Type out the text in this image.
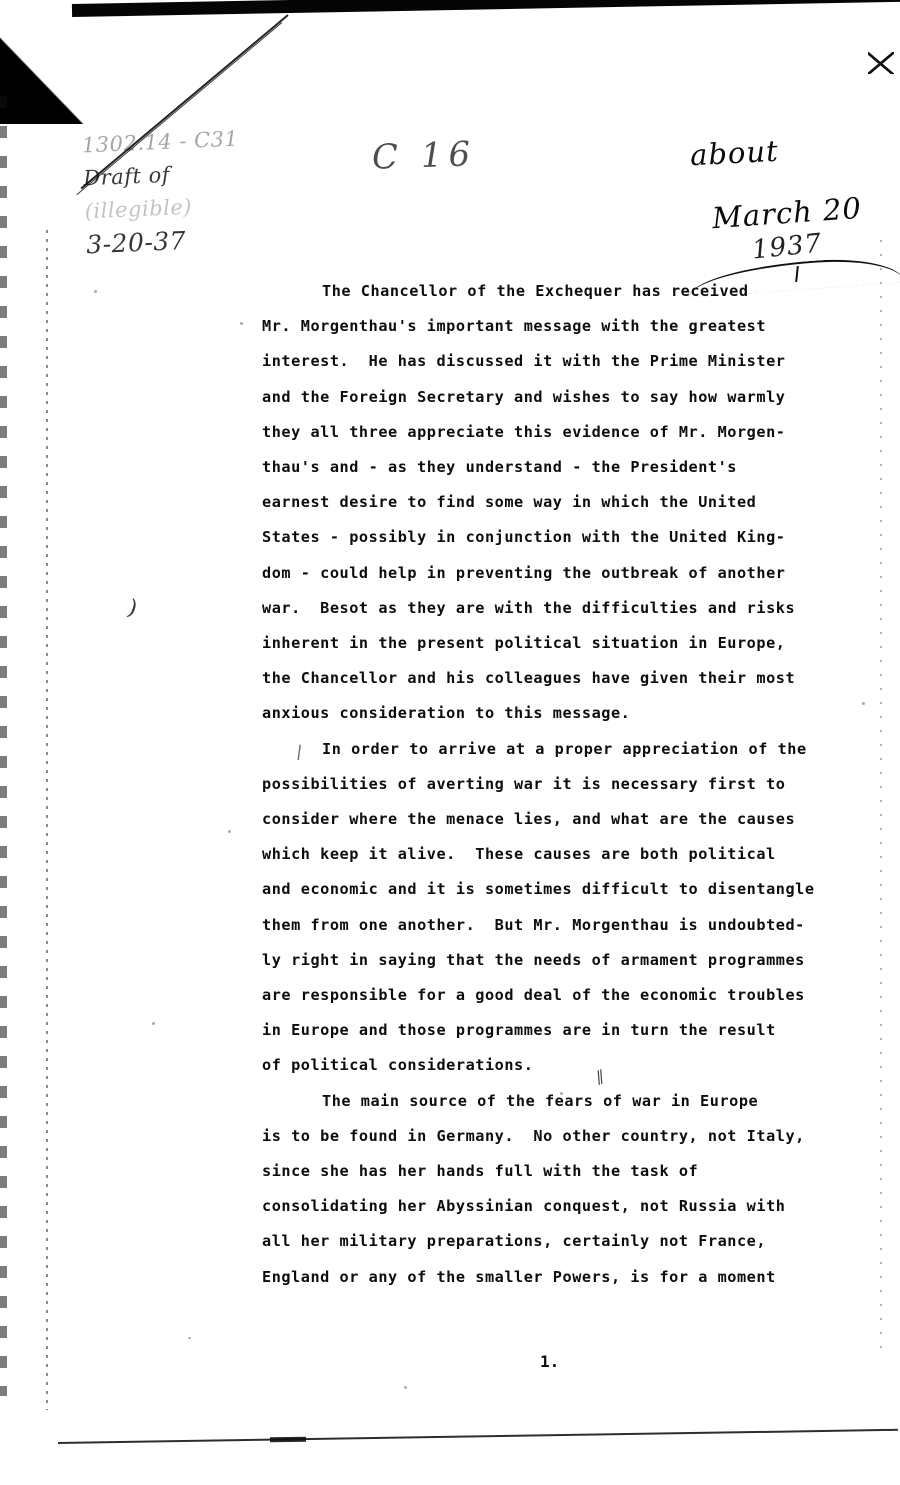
1302.14 - C31
Draft of
(illegible)
3-20-37
C 16	about
March 20
1937
)
\
//
.
The Chancellor of the Exchequer has received
Mr. Morgenthau's important message with the greatest
interest.  He has discussed it with the Prime Minister
and the Foreign Secretary and wishes to say how warmly
they all three appreciate this evidence of Mr. Morgen-
thau's and - as they understand - the President's
earnest desire to find some way in which the United
States - possibly in conjunction with the United King-
dom - could help in preventing the outbreak of another
war.  Besot as they are with the difficulties and risks
inherent in the present political situation in Europe,
the Chancellor and his colleagues have given their most
anxious consideration to this message.
In order to arrive at a proper appreciation of the
possibilities of averting war it is necessary first to
consider where the menace lies, and what are the causes
which keep it alive.  These causes are both political
and economic and it is sometimes difficult to disentangle
them from one another.  But Mr. Morgenthau is undoubted-
ly right in saying that the needs of armament programmes
are responsible for a good deal of the economic troubles
in Europe and those programmes are in turn the result
of political considerations.
The main source of the fears of war in Europe
is to be found in Germany.  No other country, not Italy,
since she has her hands full with the task of
consolidating her Abyssinian conquest, not Russia with
all her military preparations, certainly not France,
England or any of the smaller Powers, is for a moment
1.
